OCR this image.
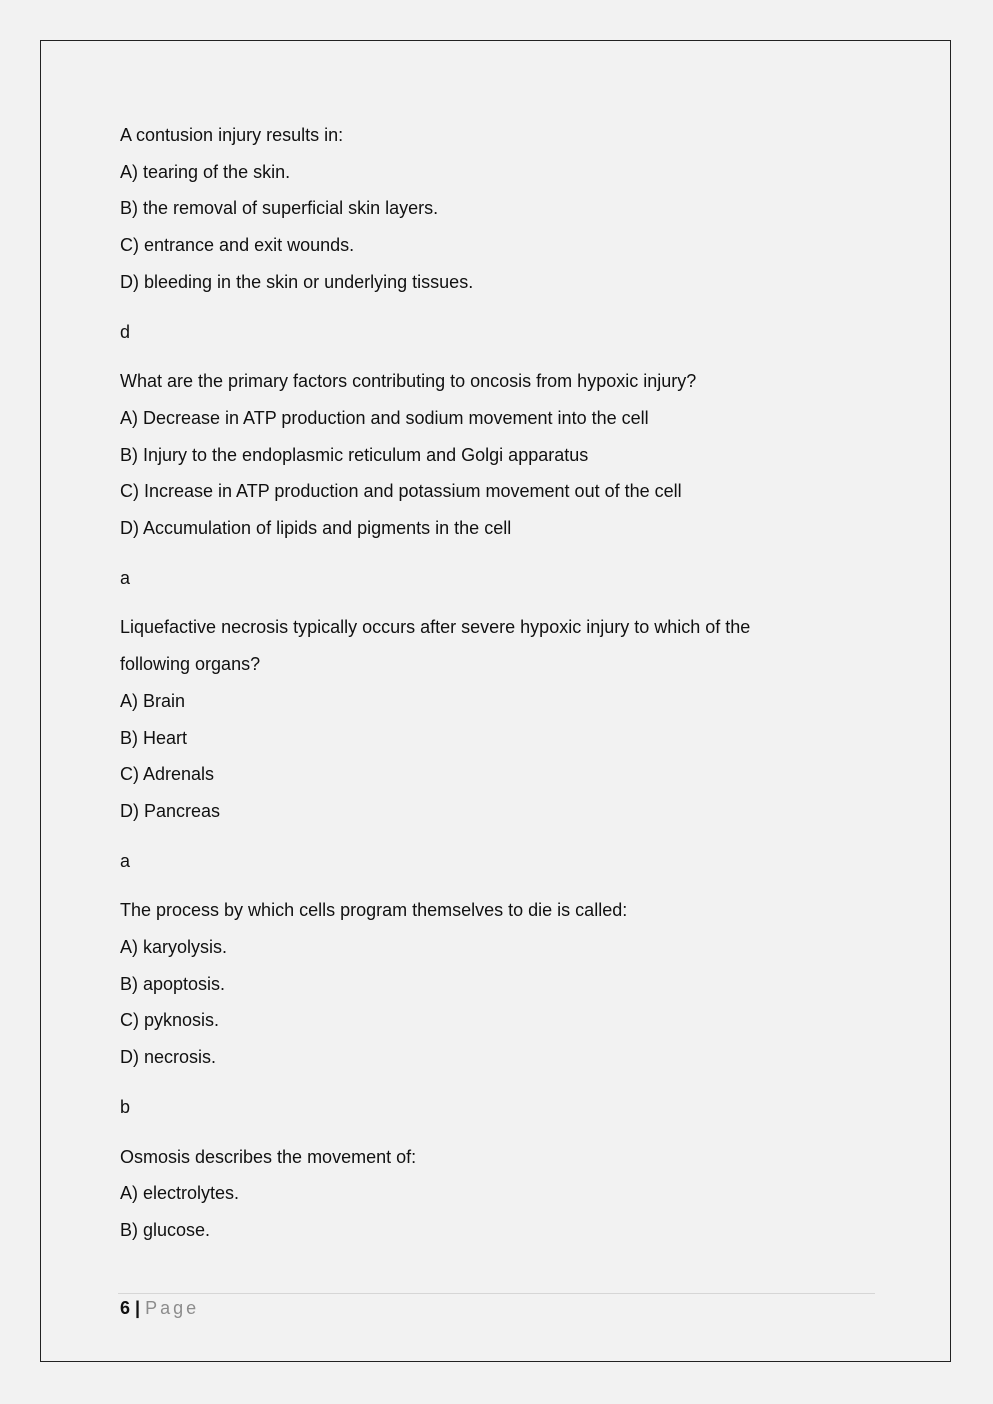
A contusion injury results in:
A) tearing of the skin.
B) the removal of superficial skin layers.
C) entrance and exit wounds.
D) bleeding in the skin or underlying tissues.
d
What are the primary factors contributing to oncosis from hypoxic injury?
A) Decrease in ATP production and sodium movement into the cell
B) Injury to the endoplasmic reticulum and Golgi apparatus
C) Increase in ATP production and potassium movement out of the cell
D) Accumulation of lipids and pigments in the cell
a
Liquefactive necrosis typically occurs after severe hypoxic injury to which of the
following organs?
A) Brain
B) Heart
C) Adrenals
D) Pancreas
a
The process by which cells program themselves to die is called:
A) karyolysis.
B) apoptosis.
C) pyknosis.
D) necrosis.
b
Osmosis describes the movement of:
A) electrolytes.
B) glucose.
6 | Page
